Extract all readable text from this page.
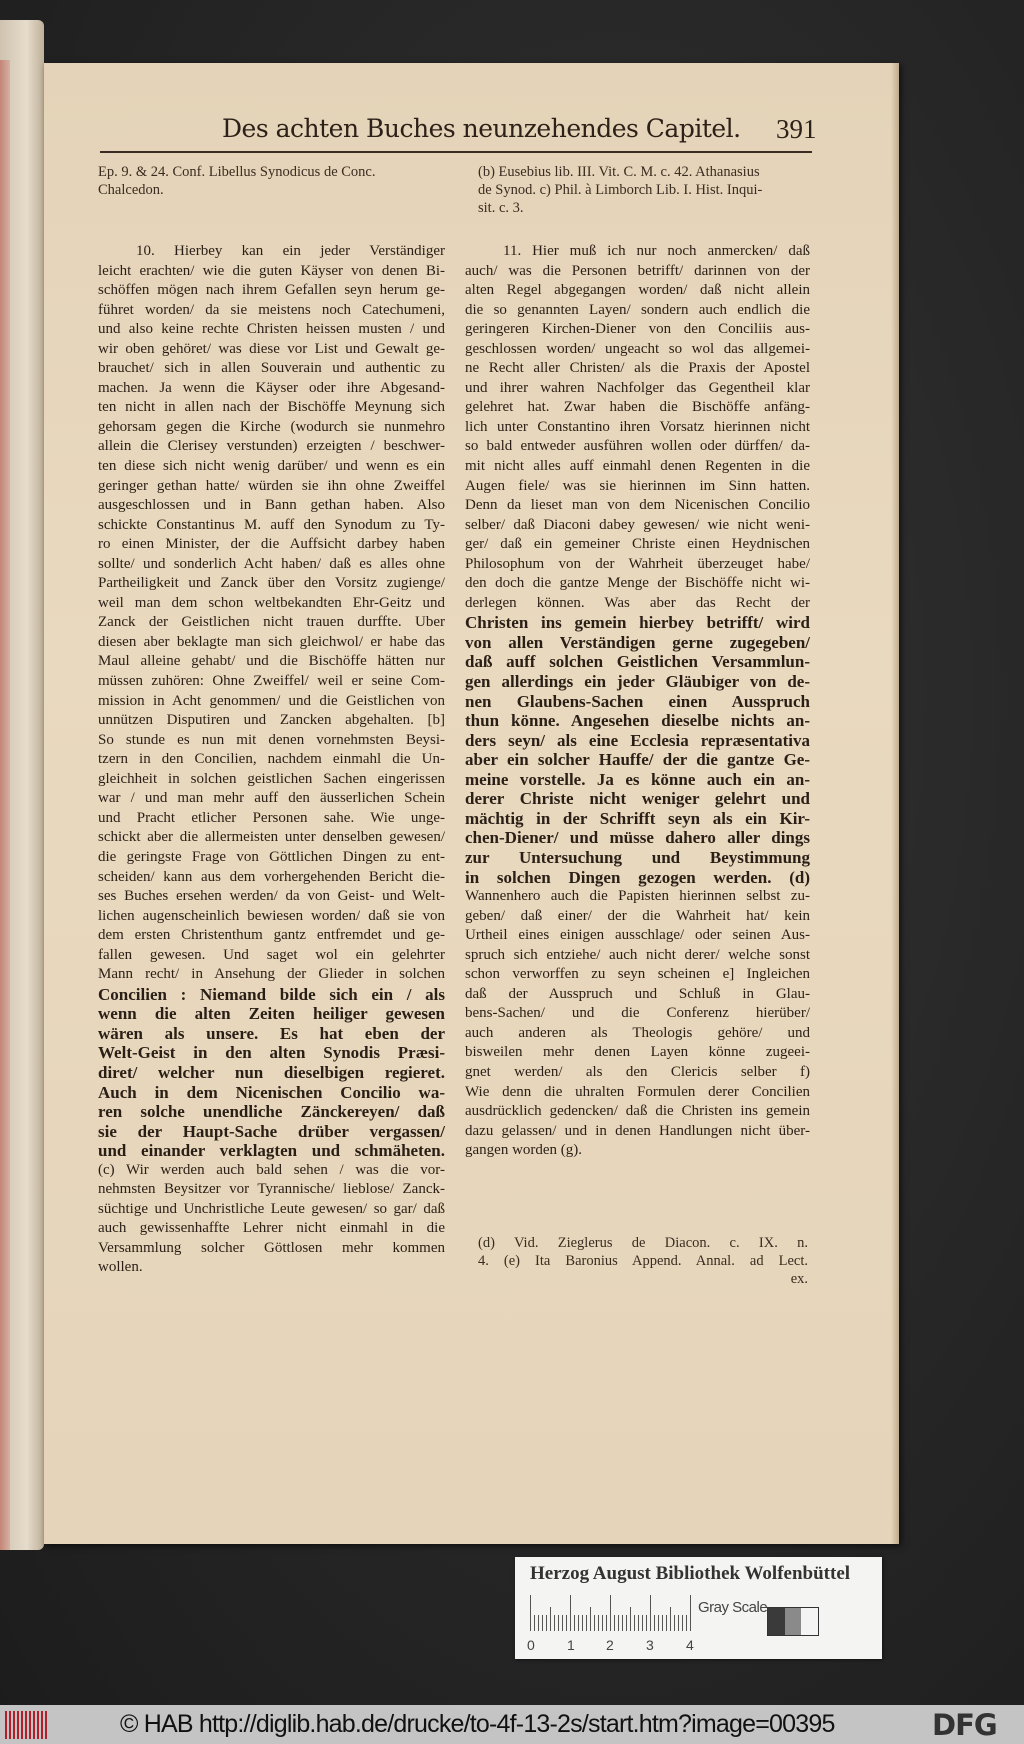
Des achten Buches neunzehendes Capitel. 391
Ep. 9. & 24. Conf. Libellus Synodicus de Conc.
Chalcedon.
(b) Eusebius lib. III. Vit. C. M. c. 42. Athanasius
de Synod. c) Phil. à Limborch Lib. I. Hist. Inqui-
sit. c. 3.
10. Hierbey kan ein jeder Verständiger
leicht erachten/ wie die guten Käyser von denen Bi-
schöffen mögen nach ihrem Gefallen seyn herum ge-
führet worden/ da sie meistens noch Catechumeni,
und also keine rechte Christen heissen musten / und
wir oben gehöret/ was diese vor List und Gewalt ge-
brauchet/ sich in allen Souverain und authentic zu
machen. Ja wenn die Käyser oder ihre Abgesand-
ten nicht in allen nach der Bischöffe Meynung sich
gehorsam gegen die Kirche (wodurch sie nunmehro
allein die Clerisey verstunden) erzeigten / beschwer-
ten diese sich nicht wenig darüber/ und wenn es ein
geringer gethan hatte/ würden sie ihn ohne Zweiffel
ausgeschlossen und in Bann gethan haben. Also
schickte Constantinus M. auff den Synodum zu Ty-
ro einen Minister, der die Auffsicht darbey haben
sollte/ und sonderlich Acht haben/ daß es alles ohne
Partheiligkeit und Zanck über den Vorsitz zugienge/
weil man dem schon weltbekandten Ehr-Geitz und
Zanck der Geistlichen nicht trauen durffte. Uber
diesen aber beklagte man sich gleichwol/ er habe das
Maul alleine gehabt/ und die Bischöffe hätten nur
müssen zuhören: Ohne Zweiffel/ weil er seine Com-
mission in Acht genommen/ und die Geistlichen von
unnützen Disputiren und Zancken abgehalten. [b]
So stunde es nun mit denen vornehmsten Beysi-
tzern in den Concilien, nachdem einmahl die Un-
gleichheit in solchen geistlichen Sachen eingerissen
war / und man mehr auff den äusserlichen Schein
und Pracht etlicher Personen sahe. Wie unge-
schickt aber die allermeisten unter denselben gewesen/
die geringste Frage von Göttlichen Dingen zu ent-
scheiden/ kann aus dem vorhergehenden Bericht die-
ses Buches ersehen werden/ da von Geist- und Welt-
lichen augenscheinlich bewiesen worden/ daß sie von
dem ersten Christenthum gantz entfremdet und ge-
fallen gewesen. Und saget wol ein gelehrter
Mann recht/ in Ansehung der Glieder in solchen
Concilien : Niemand bilde sich ein / als
wenn die alten Zeiten heiliger gewesen
wären als unsere. Es hat eben der
Welt-Geist in den alten Synodis Præsi-
diret/ welcher nun dieselbigen regieret.
Auch in dem Nicenischen Concilio wa-
ren solche unendliche Zänckereyen/ daß
sie der Haupt-Sache drüber vergassen/
und einander verklagten und schmäheten.
(c) Wir werden auch bald sehen / was die vor-
nehmsten Beysitzer vor Tyrannische/ lieblose/ Zanck-
süchtige und Unchristliche Leute gewesen/ so gar/ daß
auch gewissenhaffte Lehrer nicht einmahl in die
Versammlung solcher Göttlosen mehr kommen
wollen.
11. Hier muß ich nur noch anmercken/ daß
auch/ was die Personen betrifft/ darinnen von der
alten Regel abgegangen worden/ daß nicht allein
die so genannten Layen/ sondern auch endlich die
geringeren Kirchen-Diener von den Conciliis aus-
geschlossen worden/ ungeacht so wol das allgemei-
ne Recht aller Christen/ als die Praxis der Apostel
und ihrer wahren Nachfolger das Gegentheil klar
gelehret hat. Zwar haben die Bischöffe anfäng-
lich unter Constantino ihren Vorsatz hierinnen nicht
so bald entweder ausführen wollen oder dürffen/ da-
mit nicht alles auff einmahl denen Regenten in die
Augen fiele/ was sie hierinnen im Sinn hatten.
Denn da lieset man von dem Nicenischen Concilio
selber/ daß Diaconi dabey gewesen/ wie nicht weni-
ger/ daß ein gemeiner Christe einen Heydnischen
Philosophum von der Wahrheit überzeuget habe/
den doch die gantze Menge der Bischöffe nicht wi-
derlegen können. Was aber das Recht der
Christen ins gemein hierbey betrifft/ wird
von allen Verständigen gerne zugegeben/
daß auff solchen Geistlichen Versammlun-
gen allerdings ein jeder Gläubiger von de-
nen Glaubens-Sachen einen Ausspruch
thun könne. Angesehen dieselbe nichts an-
ders seyn/ als eine Ecclesia repræsentativa
aber ein solcher Hauffe/ der die gantze Ge-
meine vorstelle. Ja es könne auch ein an-
derer Christe nicht weniger gelehrt und
mächtig in der Schrifft seyn als ein Kir-
chen-Diener/ und müsse dahero aller dings
zur Untersuchung und Beystimmung
in solchen Dingen gezogen werden. (d)
Wannenhero auch die Papisten hierinnen selbst zu-
geben/ daß einer/ der die Wahrheit hat/ kein
Urtheil eines einigen ausschlage/ oder seinen Aus-
spruch sich entziehe/ auch nicht derer/ welche sonst
schon verworffen zu seyn scheinen e] Ingleichen
daß der Ausspruch und Schluß in Glau-
bens-Sachen/ und die Conferenz hierüber/
auch anderen als Theologis gehöre/ und
bisweilen mehr denen Layen könne zugeei-
gnet werden/ als den Clericis selber f)
Wie denn die uhralten Formulen derer Concilien
ausdrücklich gedencken/ daß die Christen ins gemein
dazu gelassen/ und in denen Handlungen nicht über-
gangen worden (g).
(d) Vid. Zieglerus de Diacon. c. IX. n.
4. (e) Ita Baronius Append. Annal. ad Lect.
ex.
Herzog August Bibliothek Wolfenbüttel
0 1 2 3 4
Gray Scale
© HAB http://diglib.hab.de/drucke/to-4f-13-2s/start.htm?image=00395	DFG
